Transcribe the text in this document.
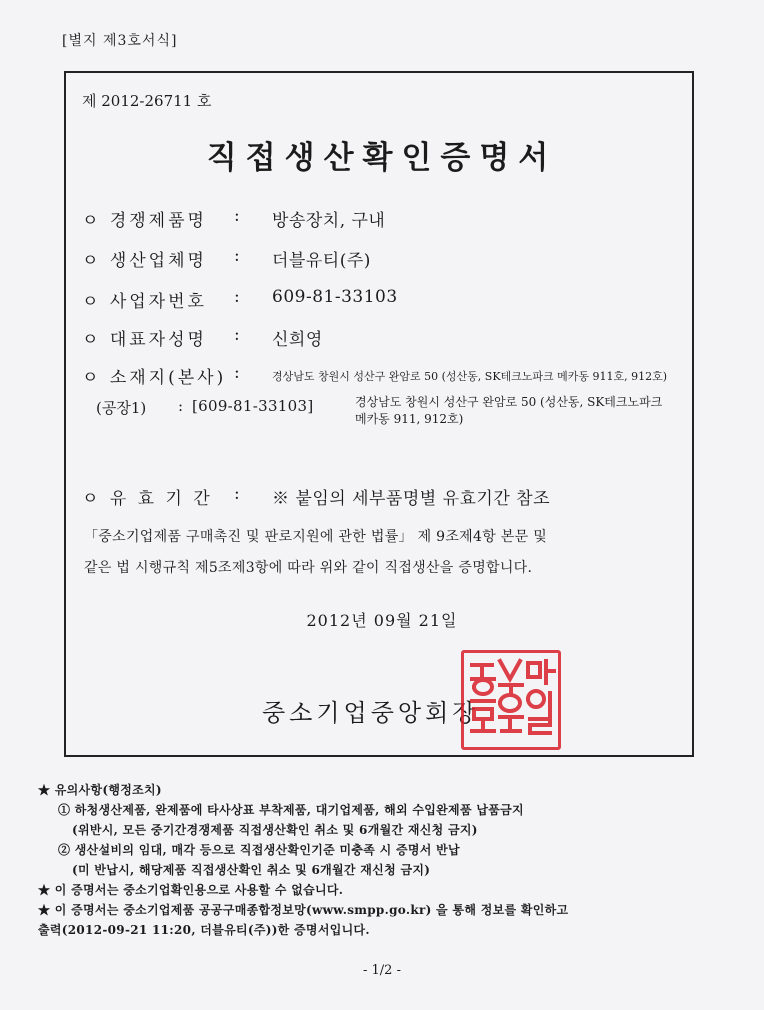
[별지 제3호서식]
제 2012-26711 호
직접생산확인증명서
ㅇ 경쟁제품명 : 방송장치, 구내
ㅇ 생산업체명 : 더블유티(주)
ㅇ 사업자번호 : 609-81-33103
ㅇ 대표자성명 : 신희영
ㅇ 소재지(본사) :	경상남도 창원시 성산구 완암로 50 (성산동, SK테크노파크 메카동 911호, 912호)
(공장1) : [609-81-33103]	경상남도 창원시 성산구 완암로 50 (성산동, SK테크노파크 메카동 911, 912호)
ㅇ 유 효 기 간 : ※ 붙임의 세부품명별 유효기간 참조
「중소기업제품 구매촉진 및 판로지원에 관한 법률」 제 9조제4항 본문 및
같은 법 시행규칙 제5조제3항에 따라 위와 같이 직접생산을 증명합니다.
2012년 09월 21일
중소기업중앙회장
★ 유의사항(행정조치)
① 하청생산제품, 완제품에 타사상표 부착제품, 대기업제품, 해외 수입완제품 납품금지
(위반시, 모든 중기간경쟁제품 직접생산확인 취소 및 6개월간 재신청 금지)
② 생산설비의 임대, 매각 등으로 직접생산확인기준 미충족 시 증명서 반납
(미 반납시, 해당제품 직접생산확인 취소 및 6개월간 재신청 금지)
★ 이 증명서는 중소기업확인용으로 사용할 수 없습니다.
★ 이 증명서는 중소기업제품 공공구매종합정보망(www.smpp.go.kr) 을 통해 정보를 확인하고
출력(2012-09-21 11:20, 더블유티(주))한 증명서입니다.
- 1/2 -
